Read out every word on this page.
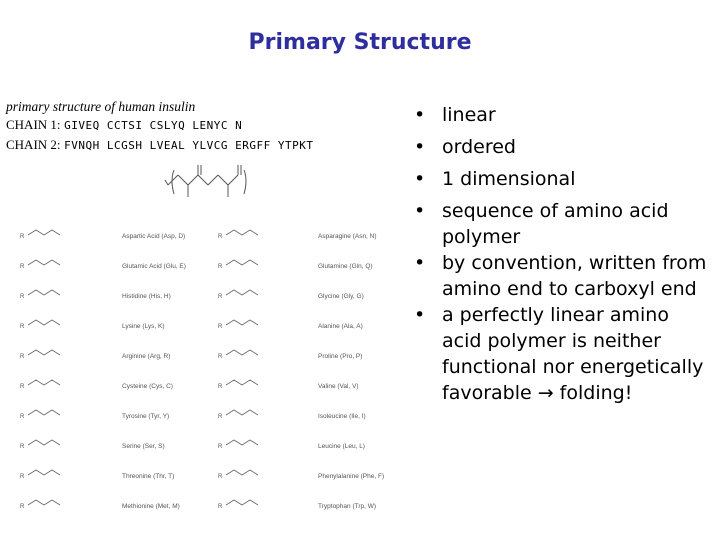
Primary Structure
primary structure of human insulin
CHAIN 1: GIVEQ CCTSI CSLYQ LENYC N
CHAIN 2: FVNQH LCGSH LVEAL YLVCG ERGFF YTPKT
R	Aspartic Acid (Asp, D)
R	Glutamic Acid (Glu, E)
R	Histidine (His, H)
R	Lysine (Lys, K)
R	Arginine (Arg, R)
R	Cysteine (Cys, C)
R	Tyrosine (Tyr, Y)
R	Serine (Ser, S)
R	Threonine (Thr, T)
R	Methionine (Met, M)
R	Asparagine (Asn, N)
R	Glutamine (Gln, Q)
R	Glycine (Gly, G)
R	Alanine (Ala, A)
R	Proline (Pro, P)
R	Valine (Val, V)
R	Isoleucine (Ile, I)
R	Leucine (Leu, L)
R	Phenylalanine (Phe, F)
R	Tryptophan (Trp, W)
• linear
• ordered
• 1 dimensional
• sequence of amino acid polymer
• by convention, written from amino end to carboxyl end
• a perfectly linear amino acid polymer is neither functional nor energetically favorable → folding!
